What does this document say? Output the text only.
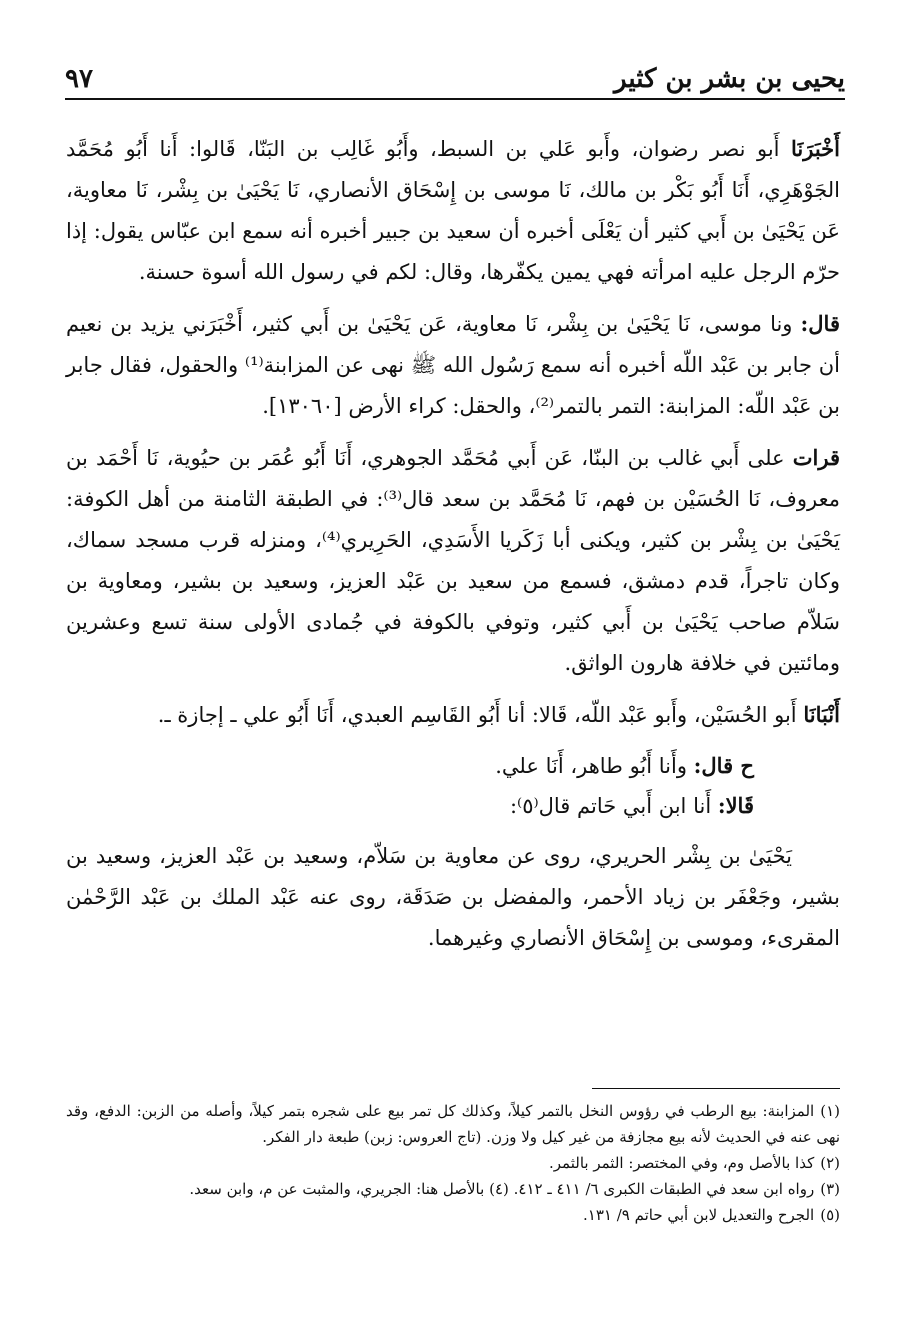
يحيى بن بشر بن كثير
٩٧

أَخْبَرَنَا أَبو نصر رضوان، وأَبو عَلي بن السبط، وأَبُو غَالِب بن البَنّا، قَالوا: أَنا أَبُو مُحَمَّد الجَوْهَرِي، أَنَا أَبُو بَكْر بن مالك، نَا موسى بن إِسْحَاق الأنصاري، نَا يَحْيَىٰ بن بِشْر، نَا معاوية، عَن يَحْيَىٰ بن أَبي كثير أن يَعْلَى أخبره أن سعيد بن جبير أخبره أنه سمع ابن عبّاس يقول: إذا حرّم الرجل عليه امرأته فهي يمين يكفّرها، وقال: لكم في رسول الله أسوة حسنة.

قال: ونا موسى، نَا يَحْيَىٰ بن بِشْر، نَا معاوية، عَن يَحْيَىٰ بن أَبي كثير، أَخْبَرَني يزيد بن نعيم أن جابر بن عَبْد اللّه أخبره أنه سمع رَسُول الله ﷺ نهى عن المزابنة⁽¹⁾ والحقول، فقال جابر بن عَبْد اللّه: المزابنة: التمر بالتمر⁽²⁾، والحقل: كراء الأرض [١٣٠٦٠].

قرات على أَبي غالب بن البنّا، عَن أَبي مُحَمَّد الجوهري، أَنَا أَبُو عُمَر بن حيُوية، نَا أَحْمَد بن معروف، نَا الحُسَيْن بن فهم، نَا مُحَمَّد بن سعد قال⁽³⁾: في الطبقة الثامنة من أهل الكوفة: يَحْيَىٰ بن بِشْر بن كثير، ويكنى أبا زَكَريا الأَسَدِي، الحَرِيري⁽⁴⁾، ومنزله قرب مسجد سماك، وكان تاجراً، قدم دمشق، فسمع من سعيد بن عَبْد العزيز، وسعيد بن بشير، ومعاوية بن سَلاّم صاحب يَحْيَىٰ بن أَبي كثير، وتوفي بالكوفة في جُمادى الأولى سنة تسع وعشرين ومائتين في خلافة هارون الواثق.

أَنْبَانَا أَبو الحُسَيْن، وأَبو عَبْد اللّه، قَالا: أنا أَبُو القَاسِم العبدي، أَنَا أَبُو علي ـ إجازة ـ.

ح قال: وأَنا أَبُو طاهر، أَنَا علي.

قَالا: أَنا ابن أَبي حَاتم قال⁽٥⁾:

يَحْيَىٰ بن بِشْر الحريري، روى عن معاوية بن سَلاّم، وسعيد بن عَبْد العزيز، وسعيد بن بشير، وجَعْفَر بن زياد الأحمر، والمفضل بن صَدَقَة، روى عنه عَبْد الملك بن عَبْد الرَّحْمٰن المقرىء، وموسى بن إِسْحَاق الأنصاري وغيرهما.

(١)المزابنة: بيع الرطب في رؤوس النخل بالتمر كيلاً، وكذلك كل تمر بيع على شجره بتمر كيلاً، وأصله من الزبن: الدفع، وقد نهى عنه في الحديث لأنه بيع مجازفة من غير كيل ولا وزن. (تاج العروس: زبن) طبعة دار الفكر.

(٢)كذا بالأصل وم، وفي المختصر: الثمر بالثمر.

(٣)رواه ابن سعد في الطبقات الكبرى ٦/ ٤١١ ـ ٤١٢. (٤) بالأصل هنا: الجريري، والمثبت عن م، وابن سعد.

(٥)الجرح والتعديل لابن أبي حاتم ٩/ ١٣١.
